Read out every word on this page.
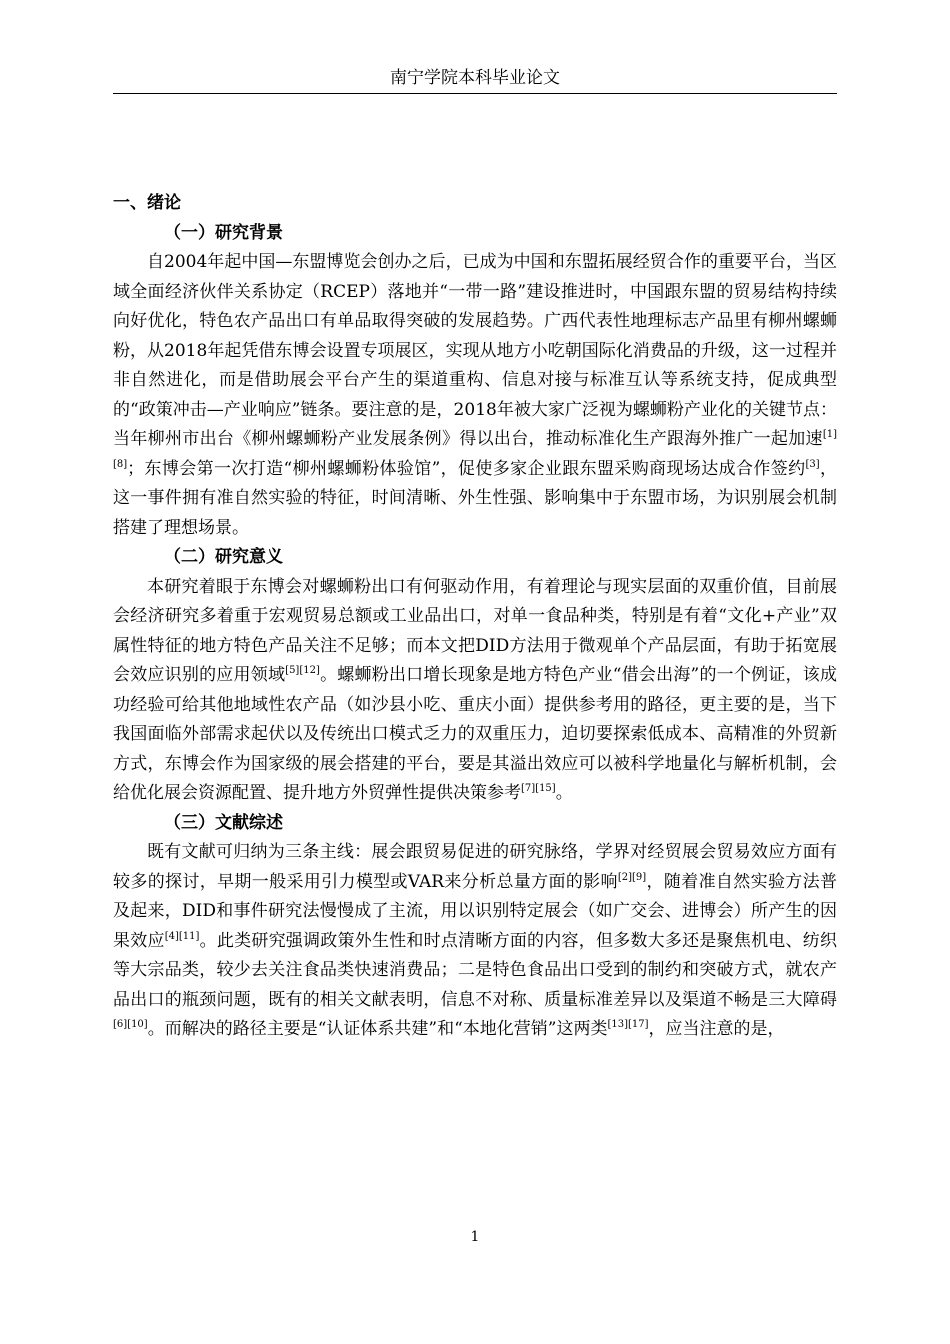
南宁学院本科毕业论文

一、绪论

（一）研究背景

自2004年起中国—东盟博览会创办之后，已成为中国和东盟拓展经贸合作的重要平台，当区域全面经济伙伴关系协定（RCEP）落地并“一带一路”建设推进时，中国跟东盟的贸易结构持续向好优化，特色农产品出口有单品取得突破的发展趋势。广西代表性地理标志产品里有柳州螺蛳粉，从2018年起凭借东博会设置专项展区，实现从地方小吃朝国际化消费品的升级，这一过程并非自然进化，而是借助展会平台产生的渠道重构、信息对接与标准互认等系统支持，促成典型的“政策冲击—产业响应”链条。要注意的是，2018年被大家广泛视为螺蛳粉产业化的关键节点：当年柳州市出台《柳州螺蛳粉产业发展条例》得以出台，推动标准化生产跟海外推广一起加速[1][8]；东博会第一次打造“柳州螺蛳粉体验馆”，促使多家企业跟东盟采购商现场达成合作签约[3]，这一事件拥有准自然实验的特征，时间清晰、外生性强、影响集中于东盟市场，为识别展会机制搭建了理想场景。

（二）研究意义

本研究着眼于东博会对螺蛳粉出口有何驱动作用，有着理论与现实层面的双重价值，目前展会经济研究多着重于宏观贸易总额或工业品出口，对单一食品种类，特别是有着“文化+产业”双属性特征的地方特色产品关注不足够；而本文把DID方法用于微观单个产品层面，有助于拓宽展会效应识别的应用领域[5][12]。螺蛳粉出口增长现象是地方特色产业“借会出海”的一个例证，该成功经验可给其他地域性农产品（如沙县小吃、重庆小面）提供参考用的路径，更主要的是，当下我国面临外部需求起伏以及传统出口模式乏力的双重压力，迫切要探索低成本、高精准的外贸新方式，东博会作为国家级的展会搭建的平台，要是其溢出效应可以被科学地量化与解析机制，会给优化展会资源配置、提升地方外贸弹性提供决策参考[7][15]。

（三）文献综述

既有文献可归纳为三条主线：展会跟贸易促进的研究脉络，学界对经贸展会贸易效应方面有较多的探讨，早期一般采用引力模型或VAR来分析总量方面的影响[2][9]，随着准自然实验方法普及起来，DID和事件研究法慢慢成了主流，用以识别特定展会（如广交会、进博会）所产生的因果效应[4][11]。此类研究强调政策外生性和时点清晰方面的内容，但多数大多还是聚焦机电、纺织等大宗品类，较少去关注食品类快速消费品；二是特色食品出口受到的制约和突破方式，就农产品出口的瓶颈问题，既有的相关文献表明，信息不对称、质量标准差异以及渠道不畅是三大障碍[6][10]。而解决的路径主要是“认证体系共建”和“本地化营销”这两类[13][17]，应当注意的是，

1
